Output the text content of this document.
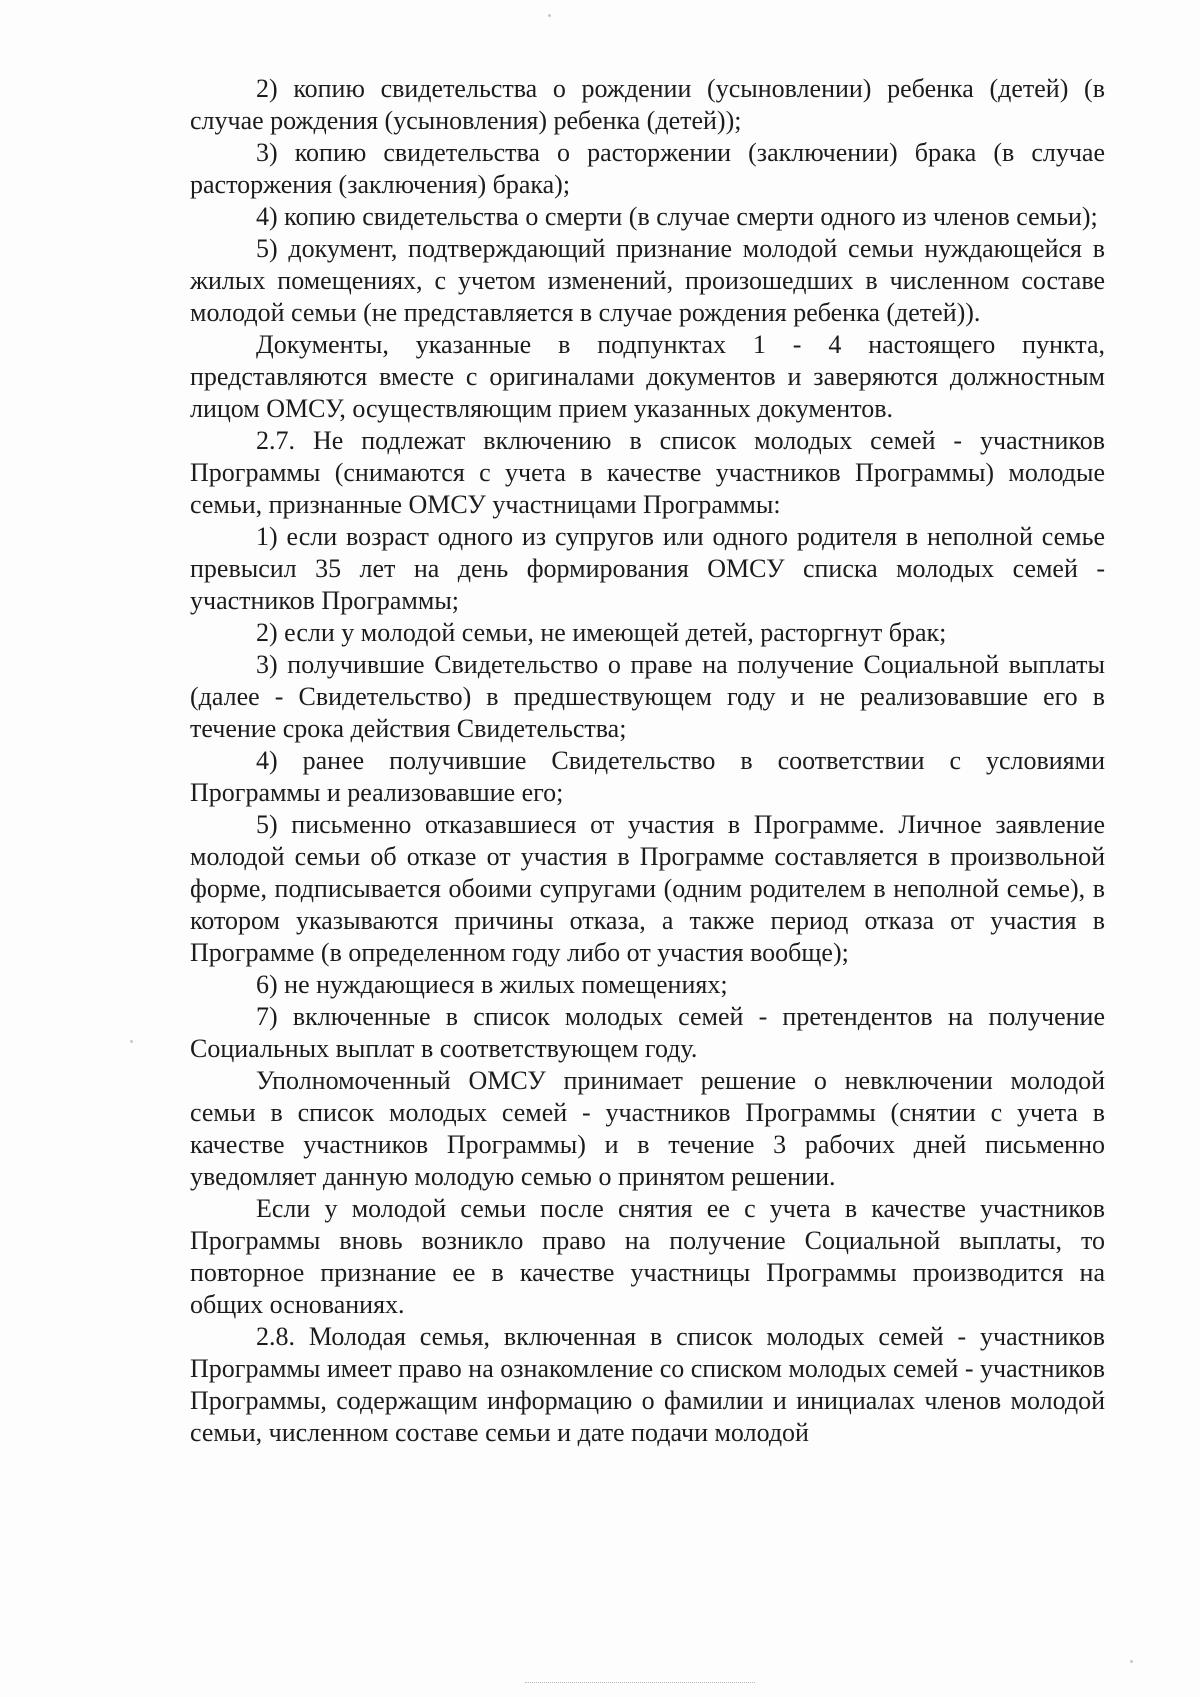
2) копию свидетельства о рождении (усыновлении) ребенка (детей) (в случае рождения (усыновления) ребенка (детей));

3) копию свидетельства о расторжении (заключении) брака (в случае расторжения (заключения) брака);

4) копию свидетельства о смерти (в случае смерти одного из членов семьи);

5) документ, подтверждающий признание молодой семьи нуждающейся в жилых помещениях, с учетом изменений, произошедших в численном составе молодой семьи (не представляется в случае рождения ребенка (детей)).

Документы, указанные в подпунктах 1 - 4 настоящего пункта, представляются вместе с оригиналами документов и заверяются должностным лицом ОМСУ, осуществляющим прием указанных документов.

2.7. Не подлежат включению в список молодых семей - участников Программы (снимаются с учета в качестве участников Программы) молодые семьи, признанные ОМСУ участницами Программы:

1) если возраст одного из супругов или одного родителя в неполной семье превысил 35 лет на день формирования ОМСУ списка молодых семей - участников Программы;

2) если у молодой семьи, не имеющей детей, расторгнут брак;

3) получившие Свидетельство о праве на получение Социальной выплаты (далее - Свидетельство) в предшествующем году и не реализовавшие его в течение срока действия Свидетельства;

4) ранее получившие Свидетельство в соответствии с условиями Программы и реализовавшие его;

5) письменно отказавшиеся от участия в Программе. Личное заявление молодой семьи об отказе от участия в Программе составляется в произвольной форме, подписывается обоими супругами (одним родителем в неполной семье), в котором указываются причины отказа, а также период отказа от участия в Программе (в определенном году либо от участия вообще);

6) не нуждающиеся в жилых помещениях;

7) включенные в список молодых семей - претендентов на получение Социальных выплат в соответствующем году.

Уполномоченный ОМСУ принимает решение о невключении молодой семьи в список молодых семей - участников Программы (снятии с учета в качестве участников Программы) и в течение 3 рабочих дней письменно уведомляет данную молодую семью о принятом решении.

Если у молодой семьи после снятия ее с учета в качестве участников Программы вновь возникло право на получение Социальной выплаты, то повторное признание ее в качестве участницы Программы производится на общих основаниях.

2.8. Молодая семья, включенная в список молодых семей - участников Программы имеет право на ознакомление со списком молодых семей - участников Программы, содержащим информацию о фамилии и инициалах членов молодой семьи, численном составе семьи и дате подачи молодой
